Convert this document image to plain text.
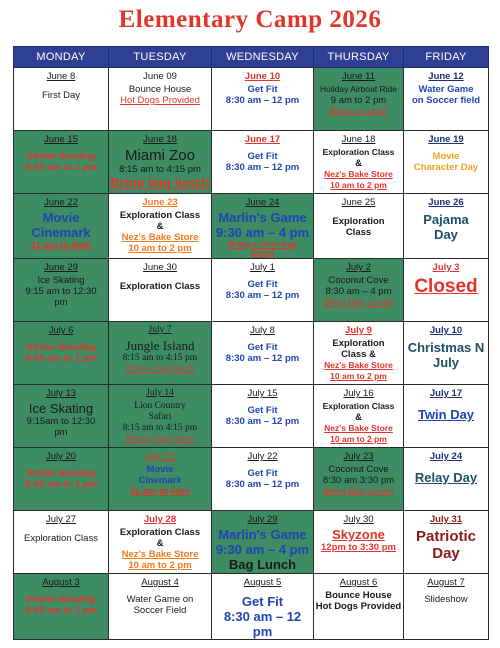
Elementary Camp 2026
MONDAY	TUESDAY	WEDNESDAY	THURSDAY	FRIDAY

June 8
First Day	June 09
Bounce House
Hot Dogs Provided	June 10
Get Fit
8:30 am – 12 pm	June 11
Holiday Airboat Ride
9 am to 2 pm
Bring a Lunch	June 12
Water Game
on Soccer field

June 15
Striker Bowling
8:45 am to 1 pm	June 18
Miami Zoo
8:15 am to 4:15 pm
Bring bag lunch	June 17
Get Fit
8:30 am – 12 pm	June 18
Exploration Class
&
Nez's Bake Store
10 am to 2 pm	June 19
Movie
Character Day

June 22
Movie
Cinemark
11 am to 4pm	June 23
Exploration Class
&
Nez's Bake Store
10 am to 2 pm	June 24
Marlin's Game
9:30 am – 4 pm
Bring a clear bag
lunch	June 25
Exploration
Class	June 26
Pajama
Day

June 29
Ice Skating
9:15 am to 12:30
pm	June 30
Exploration Class	July 1
Get Fit
8:30 am – 12 pm	July 2
Coconut Cove
8:30 am – 4 pm
Bring Bag Lunch	July 3
Closed

July 6
Striker Bowling
8:45 am to 1 pm	July 7
Jungle Island
8:15 am to 4:15 pm
Bring a bag lunch	July 8
Get Fit
8:30 am – 12 pm	July 9
Exploration
Class &
Nez's Bake Store
10 am to 2 pm	July 10
Christmas N
July

July 13
Ice Skating
9:15am to 12:30
pm	July 14
Lion Country
Safari
8:15 am to 4:15 pm
Bring a bag lunch	July 15
Get Fit
8:30 am – 12 pm	July 16
Exploration Class
&
Nez's Bake Store
10 am to 2 pm	July 17
Twin Day

July 20
Striker Bowling
8:45 am to 1 pm	July 21
Movie
Cinemark
11 am to 4pm	July 22
Get Fit
8:30 am – 12 pm	July 23
Coconut Cove
8:30 am 3:30 pm
Bring Bag Lunch	July 24
Relay Day

July 27
Exploration Class	July 28
Exploration Class
&
Nez's Bake Store
10 am to 2 pm	July 29
Marlin's Game
9:30 am – 4 pm
Bag Lunch	July 30
Skyzone
12pm to 3:30 pm	July 31
Patriotic
Day

August 3
Striker Bowling
8:45 am to 1 pm	August 4
Water Game on
Soccer Field	August 5
Get Fit
8:30 am – 12 pm	August 6
Bounce House
Hot Dogs Provided	August 7
Slideshow
